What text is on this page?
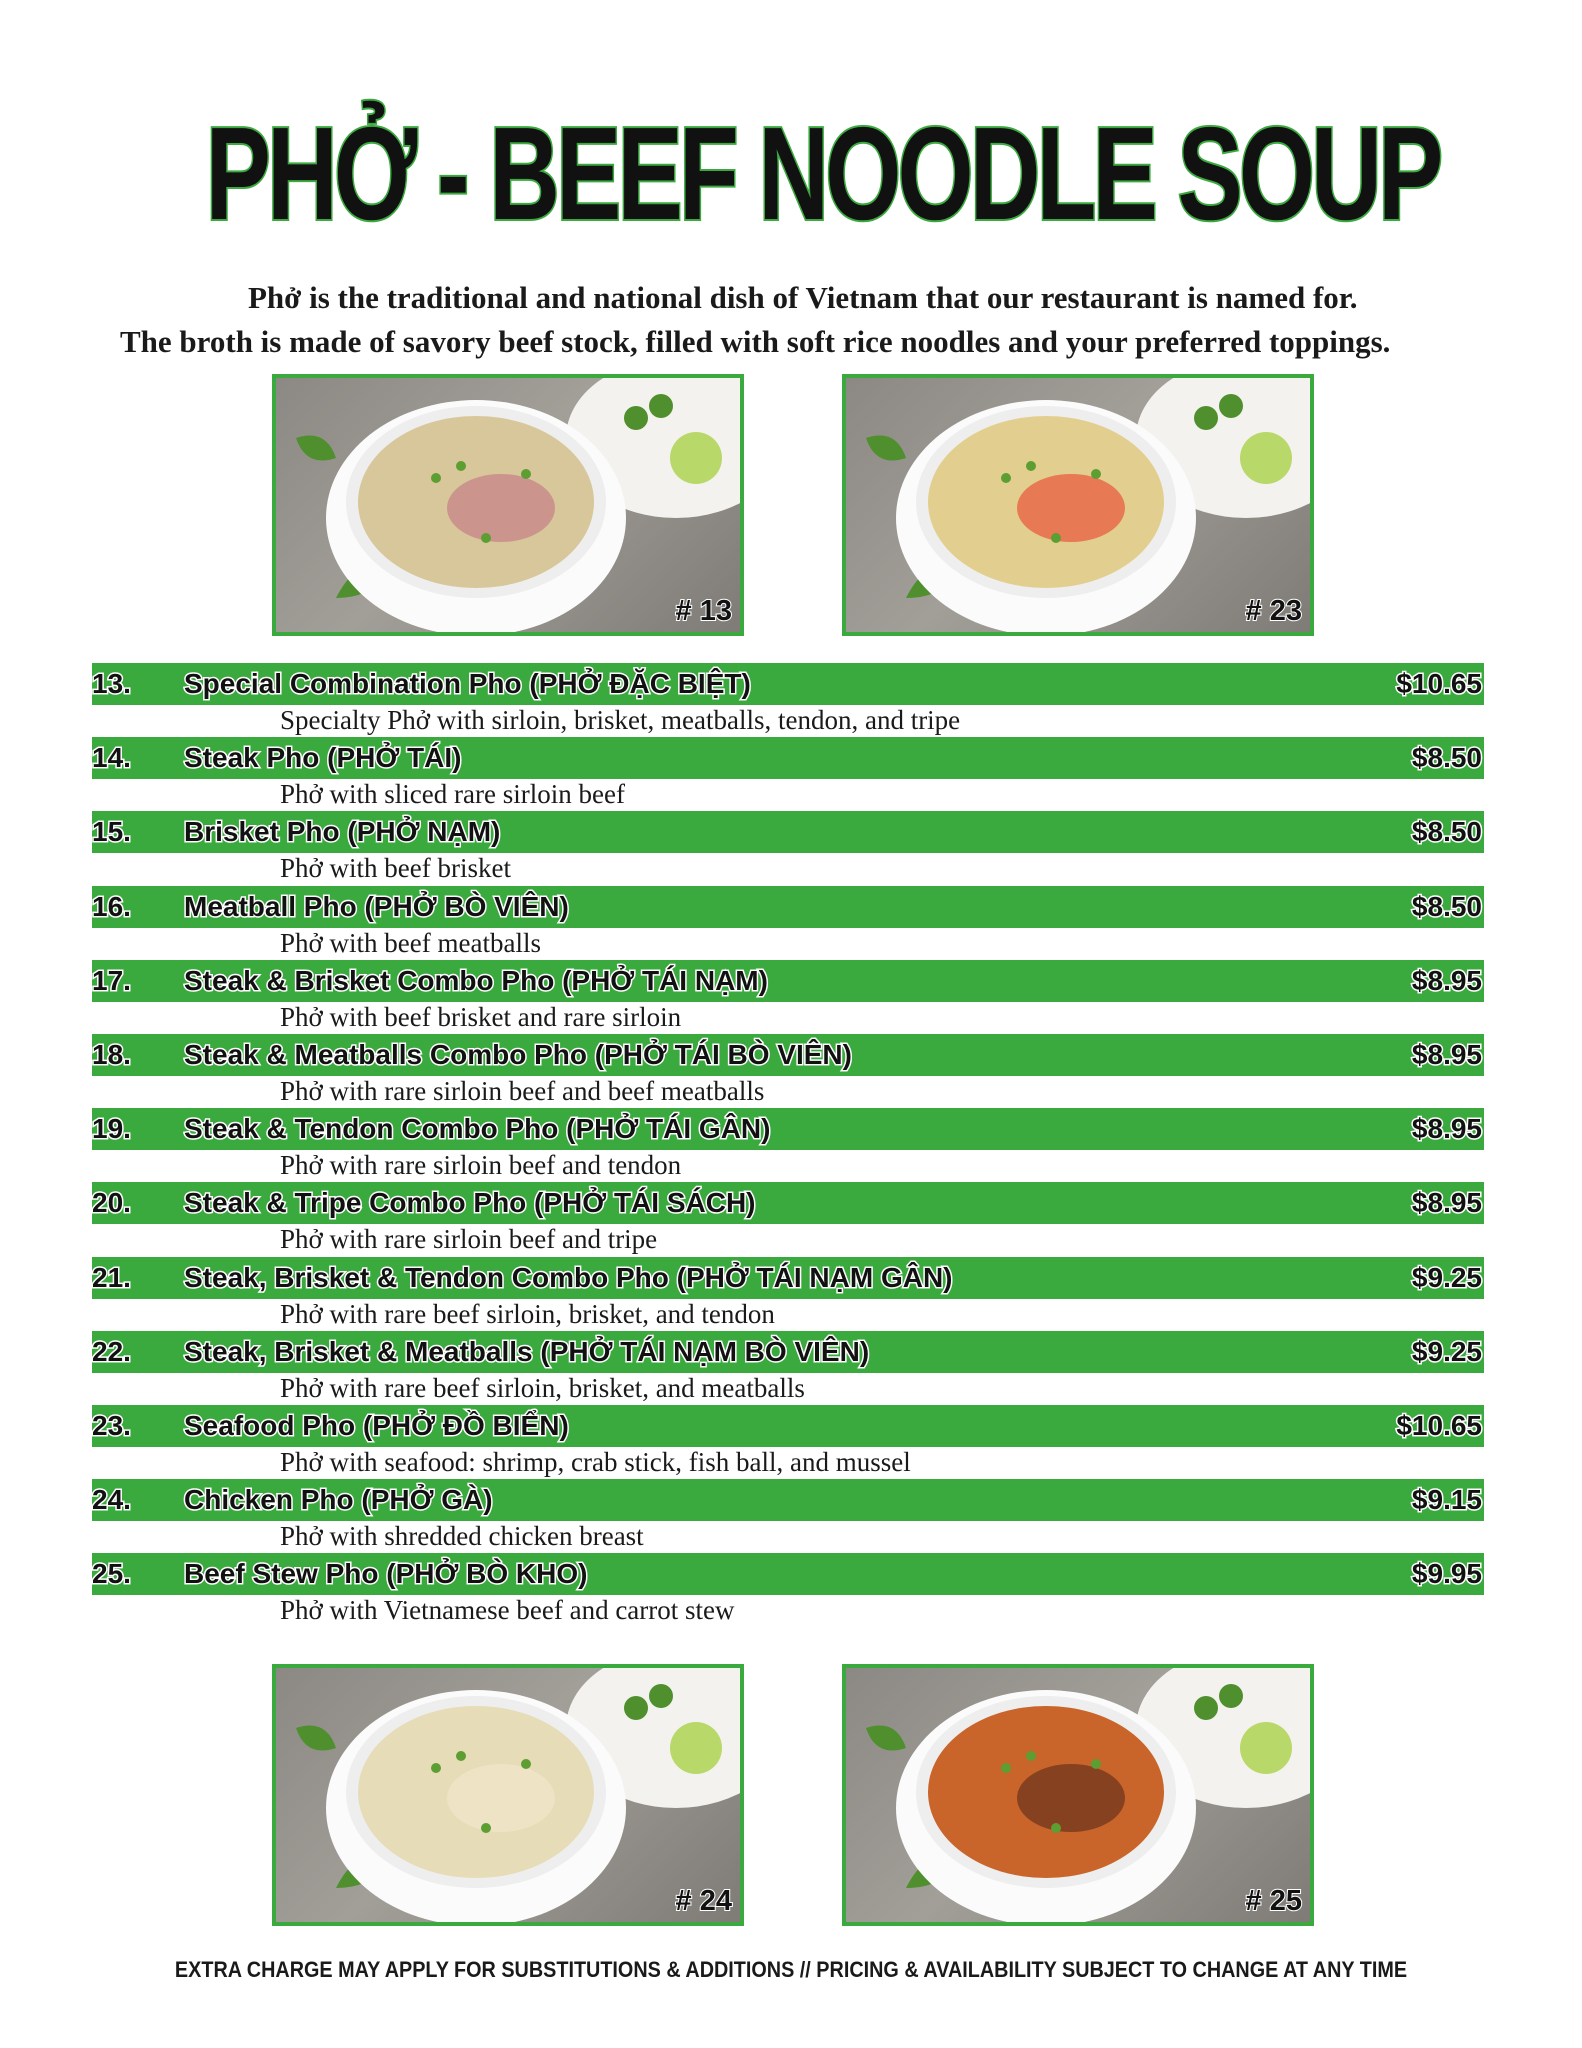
PHỞ - BEEF NOODLE SOUP
Phở is the traditional and national dish of Vietnam that our restaurant is named for.
The broth is made of savory beef stock, filled with soft rice noodles and your preferred toppings.
# 13	# 23
13. Special Combination Pho (PHỞ ĐẶC BIỆT)	$10.65
Specialty Phở with sirloin, brisket, meatballs, tendon, and tripe
14. Steak Pho (PHỞ TÁI)	$8.50
Phở with sliced rare sirloin beef
15. Brisket Pho (PHỞ NẠM)	$8.50
Phở with beef brisket
16. Meatball Pho (PHỞ BÒ VIÊN)	$8.50
Phở with beef meatballs
17. Steak & Brisket Combo Pho (PHỞ TÁI NẠM)	$8.95
Phở with beef brisket and rare sirloin
18. Steak & Meatballs Combo Pho (PHỞ TÁI BÒ VIÊN)	$8.95
Phở with rare sirloin beef and beef meatballs
19. Steak & Tendon Combo Pho (PHỞ TÁI GÂN)	$8.95
Phở with rare sirloin beef and tendon
20. Steak & Tripe Combo Pho (PHỞ TÁI SÁCH)	$8.95
Phở with rare sirloin beef and tripe
21. Steak, Brisket & Tendon Combo Pho (PHỞ TÁI NẠM GÂN)	$9.25
Phở with rare beef sirloin, brisket, and tendon
22. Steak, Brisket & Meatballs (PHỞ TÁI NẠM BÒ VIÊN)	$9.25
Phở with rare beef sirloin, brisket, and meatballs
23. Seafood Pho (PHỞ ĐỒ BIỂN)	$10.65
Phở with seafood: shrimp, crab stick, fish ball, and mussel
24. Chicken Pho (PHỞ GÀ)	$9.15
Phở with shredded chicken breast
25. Beef Stew Pho (PHỞ BÒ KHO)	$9.95
Phở with Vietnamese beef and carrot stew
# 24	# 25
EXTRA CHARGE MAY APPLY FOR SUBSTITUTIONS & ADDITIONS // PRICING & AVAILABILITY SUBJECT TO CHANGE AT ANY TIME
